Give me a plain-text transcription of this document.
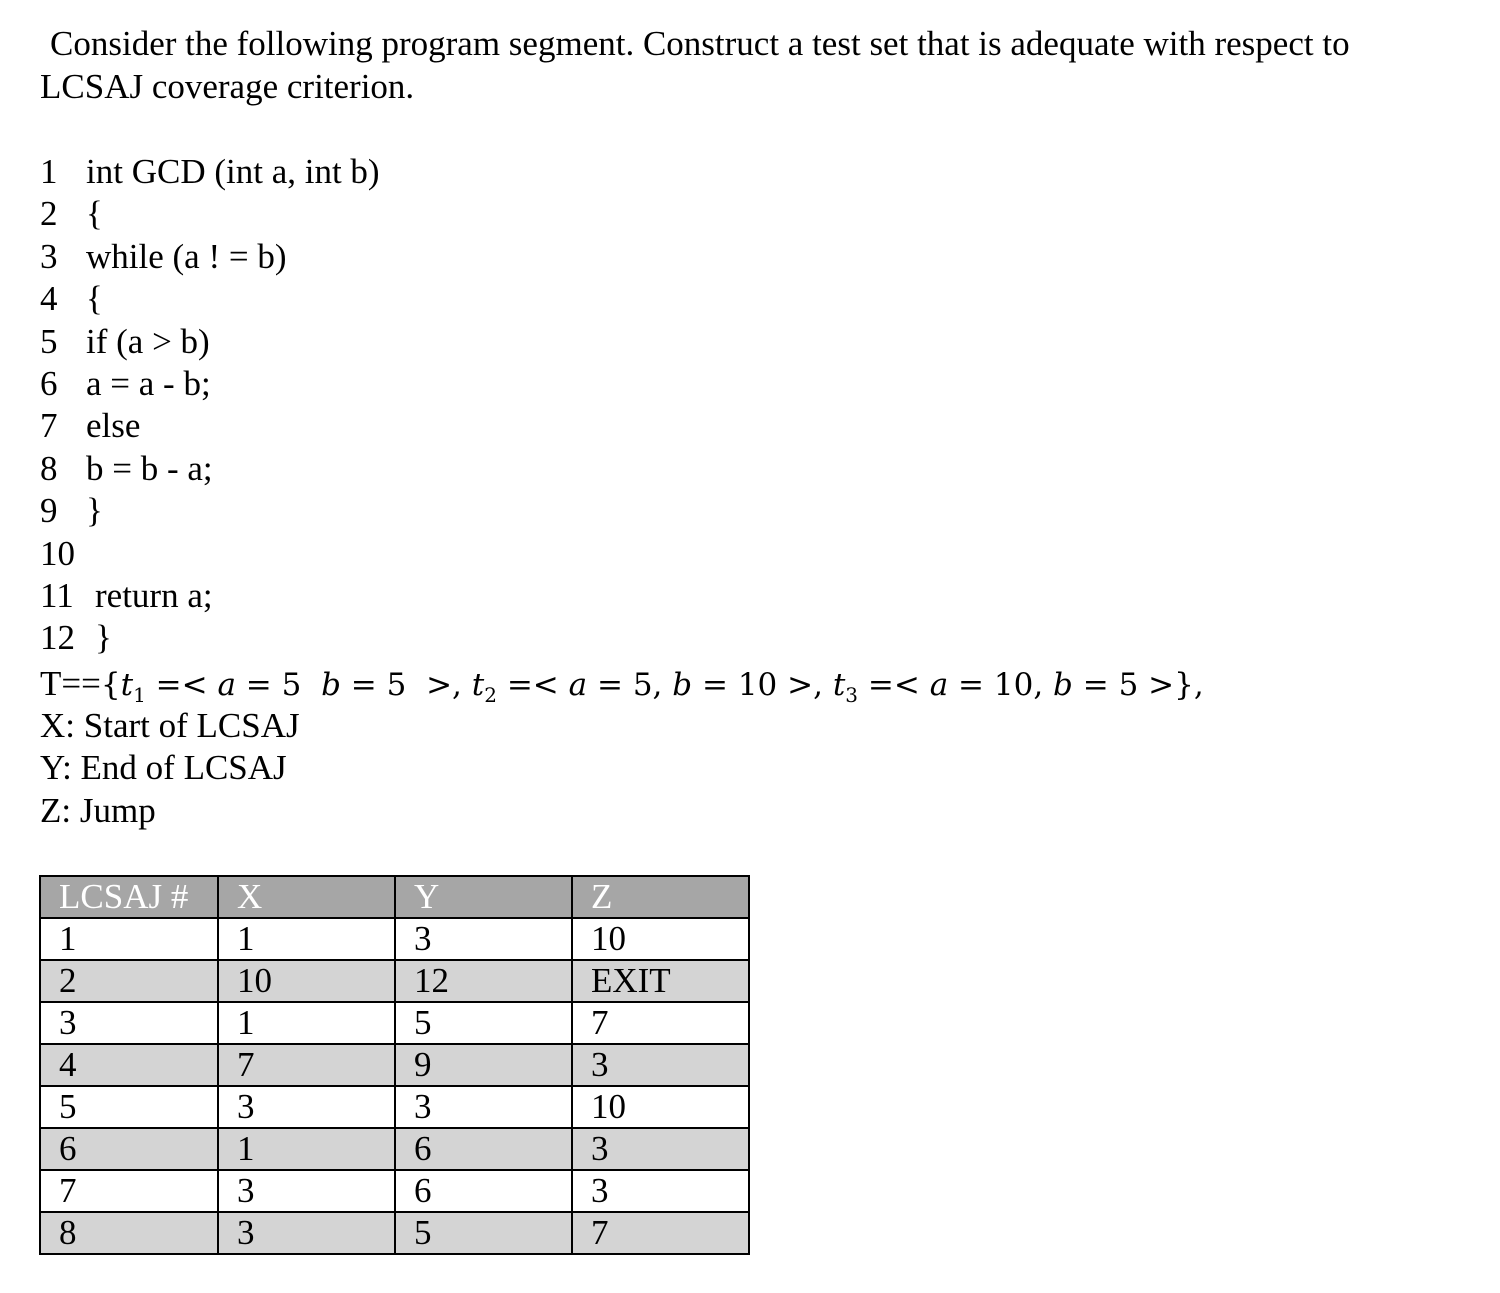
Consider the following program segment. Construct a test set that is adequate with respect to
LCSAJ coverage criterion.
1 int GCD (int a, int b)
2 {
3 while (a ! = b)
4 {
5 if (a > b)
6 a = a - b;
7 else
8 b = b - a;
9 }
10
11 return a;
12 }
$T==\{t_1 =< a = 5$ b = 5  >, $t_2 =< a = 5$, b = 10 >, $t_3 =< a = 10$, b = 5 >},
X: Start of LCSAJ
Y: End of LCSAJ
Z: Jump
LCSAJ #	X	Y	Z
1	1	3	10
2	10	12	EXIT
3	1	5	7
4	7	9	3
5	3	3	10
6	1	6	3
7	3	6	3
8	3	5	7
